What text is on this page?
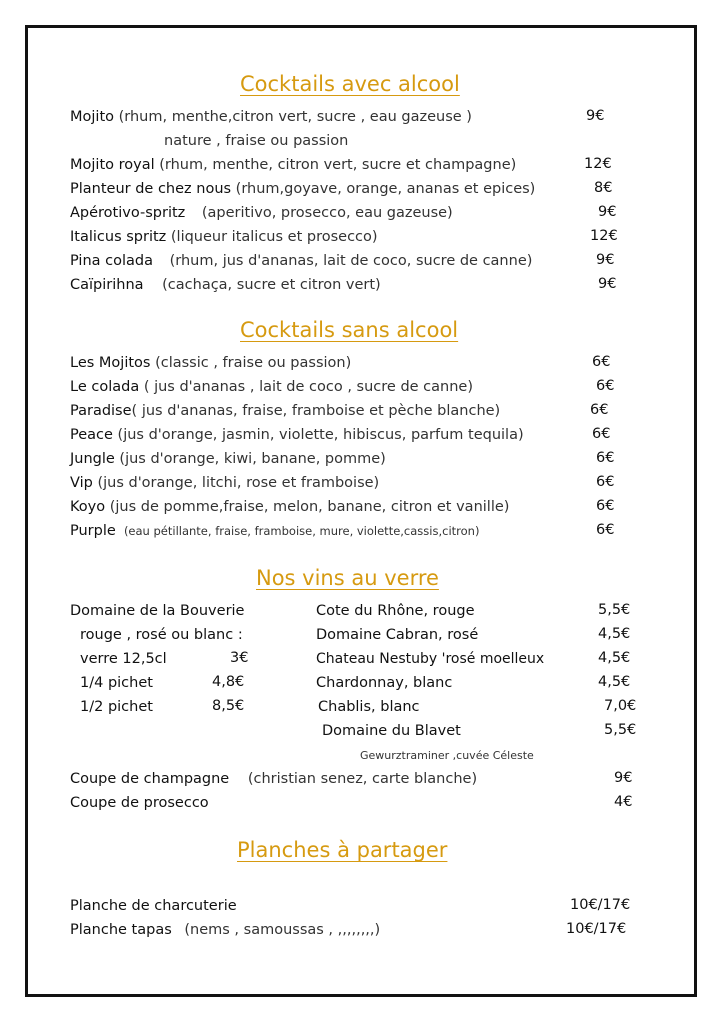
Cocktails avec alcool
Mojito (rhum, menthe,citron vert, sucre , eau gazeuse )	9€
nature , fraise ou passion
Mojito royal (rhum, menthe, citron vert, sucre et champagne)	12€
Planteur de chez nous (rhum,goyave, orange, ananas et epices)	8€
Apérotivo-spritz (aperitivo, prosecco, eau gazeuse)	9€
Italicus spritz (liqueur italicus et prosecco)	12€
Pina colada (rhum, jus d'ananas, lait de coco, sucre de canne)	9€
Caïpirihna (cachaça, sucre et citron vert)	9€
Cocktails sans alcool
Les Mojitos (classic , fraise ou passion)	6€
Le colada ( jus d'ananas , lait de coco , sucre de canne)	6€
Paradise( jus d'ananas, fraise, framboise et pèche blanche)	6€
Peace (jus d'orange, jasmin, violette, hibiscus, parfum tequila)	6€
Jungle (jus d'orange, kiwi, banane, pomme)	6€
Vip (jus d'orange, litchi, rose et framboise)	6€
Koyo (jus de pomme,fraise, melon, banane, citron et vanille)	6€
Purple (eau pétillante, fraise, framboise, mure, violette,cassis,citron)	6€
Nos vins au verre
Domaine de la Bouverie
rouge , rosé ou blanc :
verre 12,5cl	3€
1/4 pichet	4,8€
1/2 pichet	8,5€
Cote du Rhône, rouge	5,5€
Domaine Cabran, rosé	4,5€
Chateau Nestuby 'rosé moelleux	4,5€
Chardonnay, blanc	4,5€
Chablis, blanc	7,0€
Domaine du Blavet	5,5€
Gewurztraminer ,cuvée Céleste
Coupe de champagne (christian senez, carte blanche)	9€
Coupe de prosecco	4€
Planches à partager
Planche de charcuterie	10€/17€
Planche tapas (nems , samoussas , ,,,,,,,,)	10€/17€
